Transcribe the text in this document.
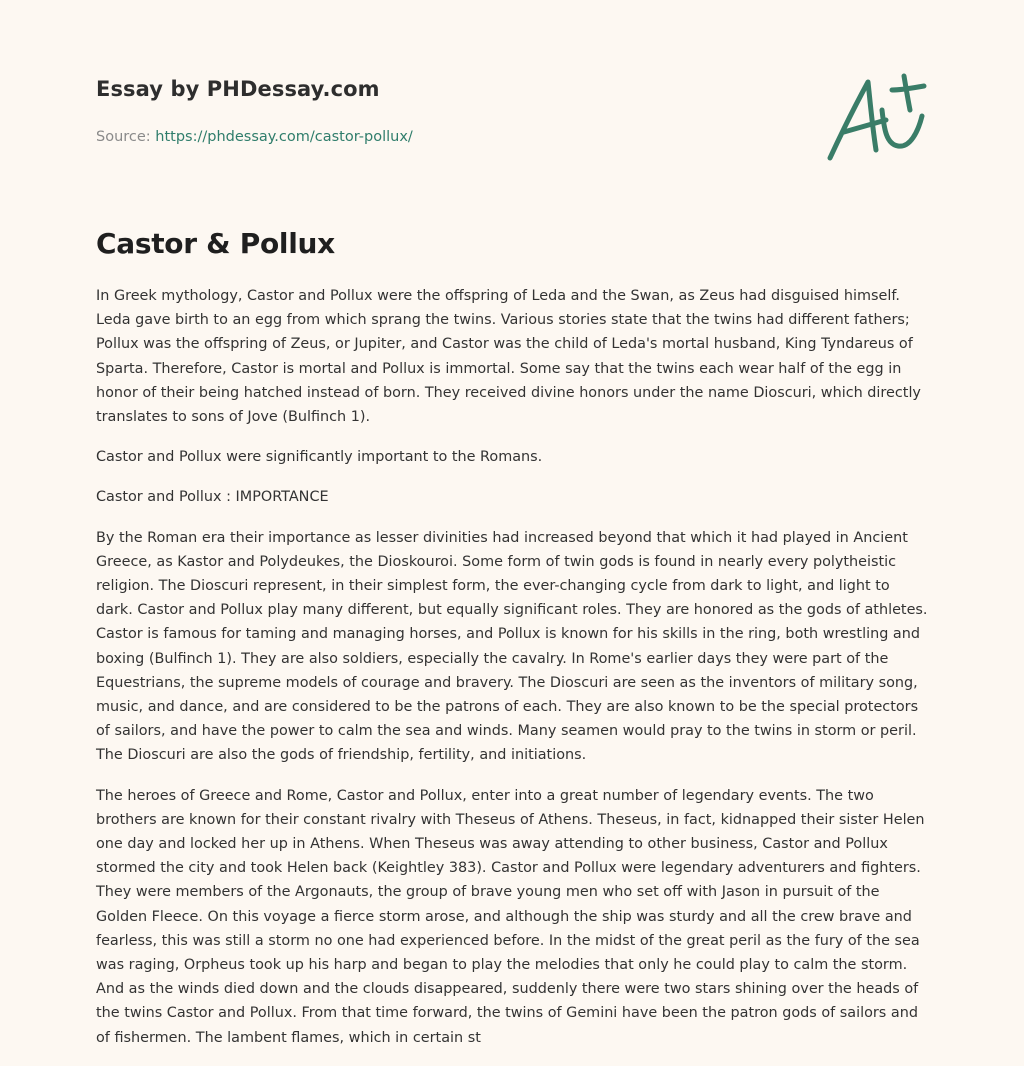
Essay by PHDessay.com
Source: https://phdessay.com/castor-pollux/
Castor & Pollux

In Greek mythology, Castor and Pollux were the offspring of Leda and the Swan, as Zeus had disguised himself. Leda gave birth to an egg from which sprang the twins. Various stories state that the twins had different fathers; Pollux was the offspring of Zeus, or Jupiter, and Castor was the child of Leda's mortal husband, King Tyndareus of Sparta. Therefore, Castor is mortal and Pollux is immortal. Some say that the twins each wear half of the egg in honor of their being hatched instead of born. They received divine honors under the name Dioscuri, which directly translates to sons of Jove (Bulfinch 1).

Castor and Pollux were significantly important to the Romans.

Castor and Pollux : IMPORTANCE

By the Roman era their importance as lesser divinities had increased beyond that which it had played in Ancient Greece, as Kastor and Polydeukes, the Dioskouroi. Some form of twin gods is found in nearly every polytheistic religion. The Dioscuri represent, in their simplest form, the ever-changing cycle from dark to light, and light to dark. Castor and Pollux play many different, but equally significant roles. They are honored as the gods of athletes. Castor is famous for taming and managing horses, and Pollux is known for his skills in the ring, both wrestling and boxing (Bulfinch 1). They are also soldiers, especially the cavalry. In Rome's earlier days they were part of the Equestrians, the supreme models of courage and bravery. The Dioscuri are seen as the inventors of military song, music, and dance, and are considered to be the patrons of each. They are also known to be the special protectors of sailors, and have the power to calm the sea and winds. Many seamen would pray to the twins in storm or peril. The Dioscuri are also the gods of friendship, fertility, and initiations.

The heroes of Greece and Rome, Castor and Pollux, enter into a great number of legendary events. The two brothers are known for their constant rivalry with Theseus of Athens. Theseus, in fact, kidnapped their sister Helen one day and locked her up in Athens. When Theseus was away attending to other business, Castor and Pollux stormed the city and took Helen back (Keightley 383). Castor and Pollux were legendary adventurers and fighters. They were members of the Argonauts, the group of brave young men who set off with Jason in pursuit of the Golden Fleece. On this voyage a fierce storm arose, and although the ship was sturdy and all the crew brave and fearless, this was still a storm no one had experienced before. In the midst of the great peril as the fury of the sea was raging, Orpheus took up his harp and began to play the melodies that only he could play to calm the storm. And as the winds died down and the clouds disappeared, suddenly there were two stars shining over the heads of the twins Castor and Pollux. From that time forward, the twins of Gemini have been the patron gods of sailors and of fishermen. The lambent flames, which in certain st
